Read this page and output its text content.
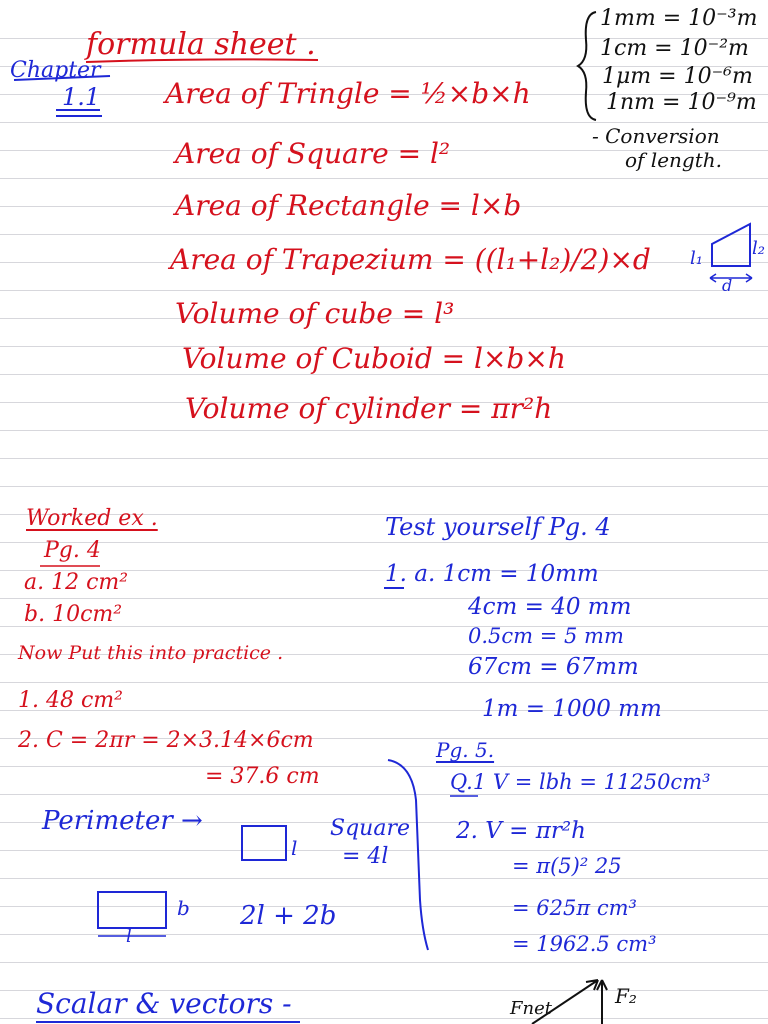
formula sheet .
Chapter
1.1 Area of Tringle = ½×b×h
Area of Square = l²
Area of Rectangle = l×b
Area of Trapezium = ((l₁+l₂)/2)×d
Volume of cube = l³
Volume of Cuboid = l×b×h
Volume of cylinder = πr²h
1mm = 10⁻³m
1cm = 10⁻²m
1μm = 10⁻⁶m
1nm = 10⁻⁹m
- Conversion
of length.
l₁	l₂
d
Worked ex .
Pg. 4
a. 12 cm²
b. 10cm²
Now Put this into practice .
1. 48 cm²
2. C = 2πr = 2×3.14×6cm
= 37.6 cm
Test yourself Pg. 4
1. a. 1cm = 10mm
4cm = 40 mm
0.5cm = 5 mm
67cm = 67mm
1m = 1000 mm
Pg. 5.
Q.1 V = lbh = 11250cm³
2. V = πr²h
= π(5)² 25
= 625π cm³
= 1962.5 cm³
Perimeter →
l
Square
= 4l
b
l
2l + 2b
Scalar & vectors -	Fnet
F₂
